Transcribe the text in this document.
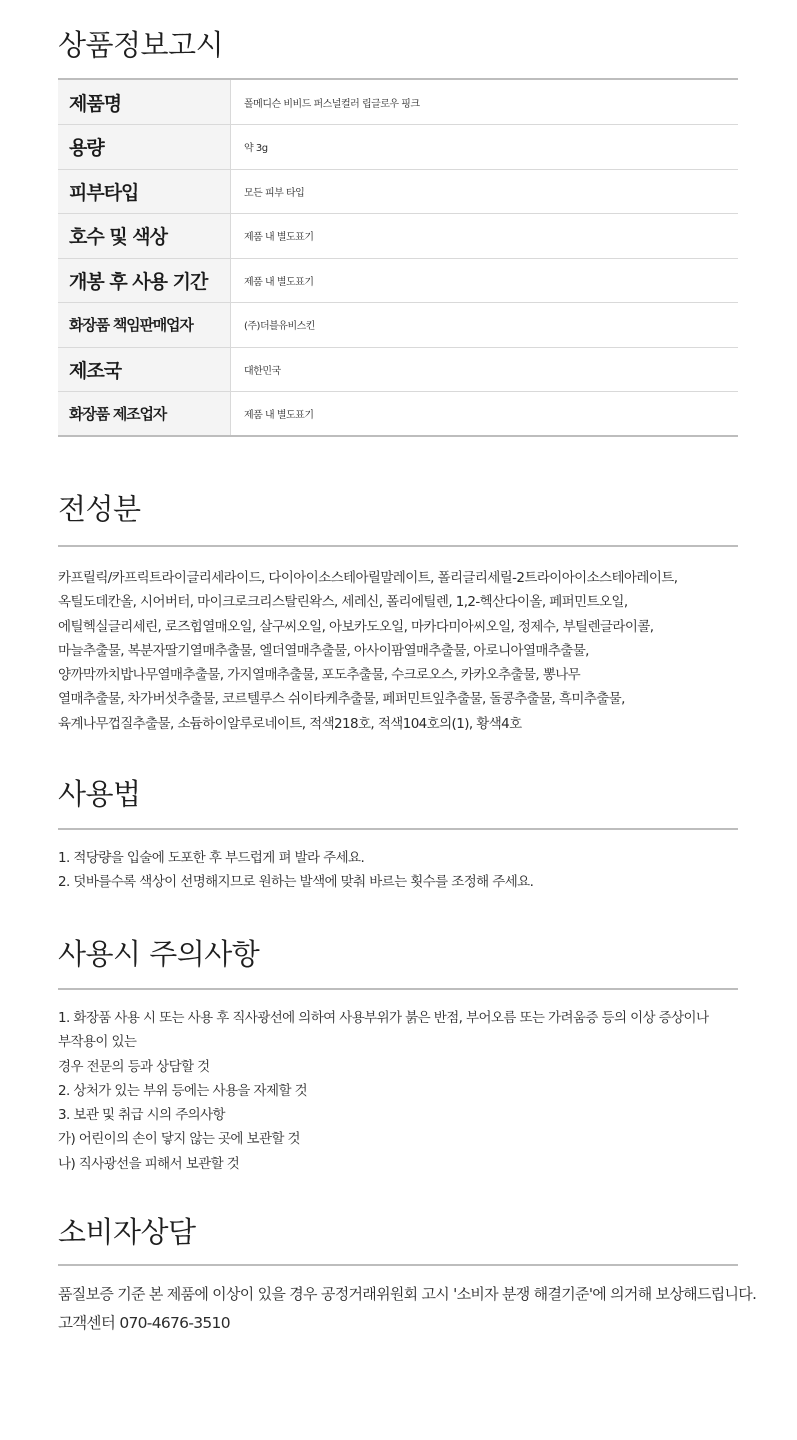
상품정보고시
제품명	폴메디슨 비비드 퍼스널컬러 립글로우 핑크
용량	약 3g
피부타입	모든 피부 타입
호수 및 색상	제품 내 별도표기
개봉 후 사용 기간	제품 내 별도표기
화장품 책임판매업자	(주)더블유비스킨
제조국	대한민국
화장품 제조업자	제품 내 별도표기
전성분
카프릴릭/카프릭트라이글리세라이드, 다이아이소스테아릴말레이트, 폴리글리세릴-2트라이아이소스테아레이트,
옥틸도데칸올, 시어버터, 마이크로크리스탈린왁스, 세레신, 폴리에틸렌, 1,2-헥산다이올, 페퍼민트오일,
에틸헥실글리세린, 로즈힙열매오일, 살구씨오일, 아보카도오일, 마카다미아씨오일, 정제수, 부틸렌글라이콜,
마늘추출물, 복분자딸기열매추출물, 엘더열매추출물, 아사이팜열매추출물, 아로니아열매추출물,
양까막까치밥나무열매추출물, 가지열매추출물, 포도추출물, 수크로오스, 카카오추출물, 뽕나무
열매추출물, 차가버섯추출물, 코르텔루스 쉬이타케추출물, 페퍼민트잎추출물, 돌콩추출물, 흑미추출물,
육계나무껍질추출물, 소듐하이알루로네이트, 적색218호, 적색104호의(1), 황색4호
사용법
1. 적당량을 입술에 도포한 후 부드럽게 펴 발라 주세요.
2. 덧바를수록 색상이 선명해지므로 원하는 발색에 맞춰 바르는 횟수를 조정해 주세요.
사용시 주의사항
1. 화장품 사용 시 또는 사용 후 직사광선에 의하여 사용부위가 붉은 반점, 부어오름 또는 가려움증 등의 이상 증상이나
부작용이 있는
경우 전문의 등과 상담할 것
2. 상처가 있는 부위 등에는 사용을 자제할 것
3. 보관 및 취급 시의 주의사항
가) 어린이의 손이 닿지 않는 곳에 보관할 것
나) 직사광선을 피해서 보관할 것
소비자상담
품질보증 기준 본 제품에 이상이 있을 경우 공정거래위원회 고시 '소비자 분쟁 해결기준'에 의거해 보상해드립니다.
고객센터 070-4676-3510
